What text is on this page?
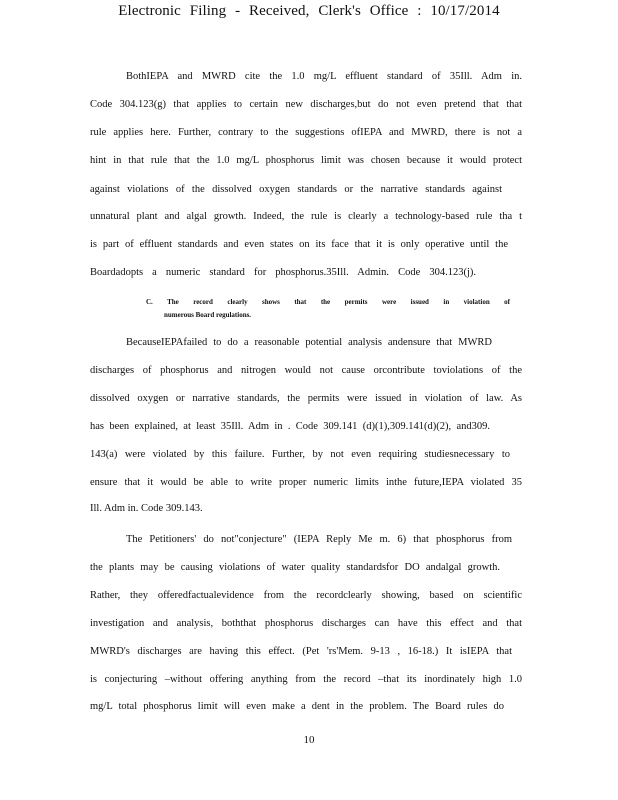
Electronic Filing - Received, Clerk's Office : 10/17/2014
BothIEPA and MWRD cite the 1.0 mg/L effluent standard of 35Ill. Adm in.
Code 304.123(g) that applies to certain new discharges,but do not even pretend that that
rule applies here. Further, contrary to the suggestions ofIEPA and MWRD, there is not a
hint in that rule that the 1.0 mg/L phosphorus limit was chosen because it would protect
against violations of the dissolved oxygen standards or the narrative standards against
unnatural plant and algal growth. Indeed, the rule is clearly a technology-based rule tha t
is part of effluent standards and even states on its face that it is only operative until the
Boardadopts a numeric standard for phosphorus.35Ill. Admin. Code 304.123(j).
BecauseIEPAfailed to do a reasonable potential analysis andensure that MWRD
discharges of phosphorus and nitrogen would not cause orcontribute toviolations of the
dissolved oxygen or narrative standards, the permits were issued in violation of law. As
has been explained, at least 35Ill. Adm in . Code 309.141 (d)(1),309.141(d)(2), and309.
143(a) were violated by this failure. Further, by not even requiring studiesnecessary to
ensure that it would be able to write proper numeric limits inthe future,IEPA violated 35
Ill. Adm in. Code 309.143.
The Petitioners' do not"conjecture" (IEPA Reply Me m. 6) that phosphorus from
the plants may be causing violations of water quality standardsfor DO andalgal growth.
Rather, they offeredfactualevidence from the recordclearly showing, based on scientific
investigation and analysis, boththat phosphorus discharges can have this effect and that
MWRD's discharges are having this effect. (Pet 'rs'Mem. 9-13 , 16-18.) It isIEPA that
is conjecturing –without offering anything from the record –that its inordinately high 1.0
mg/L total phosphorus limit will even make a dent in the problem. The Board rules do
C. The record clearly shows that the permits were issued in violation of
numerous Board regulations.
10
